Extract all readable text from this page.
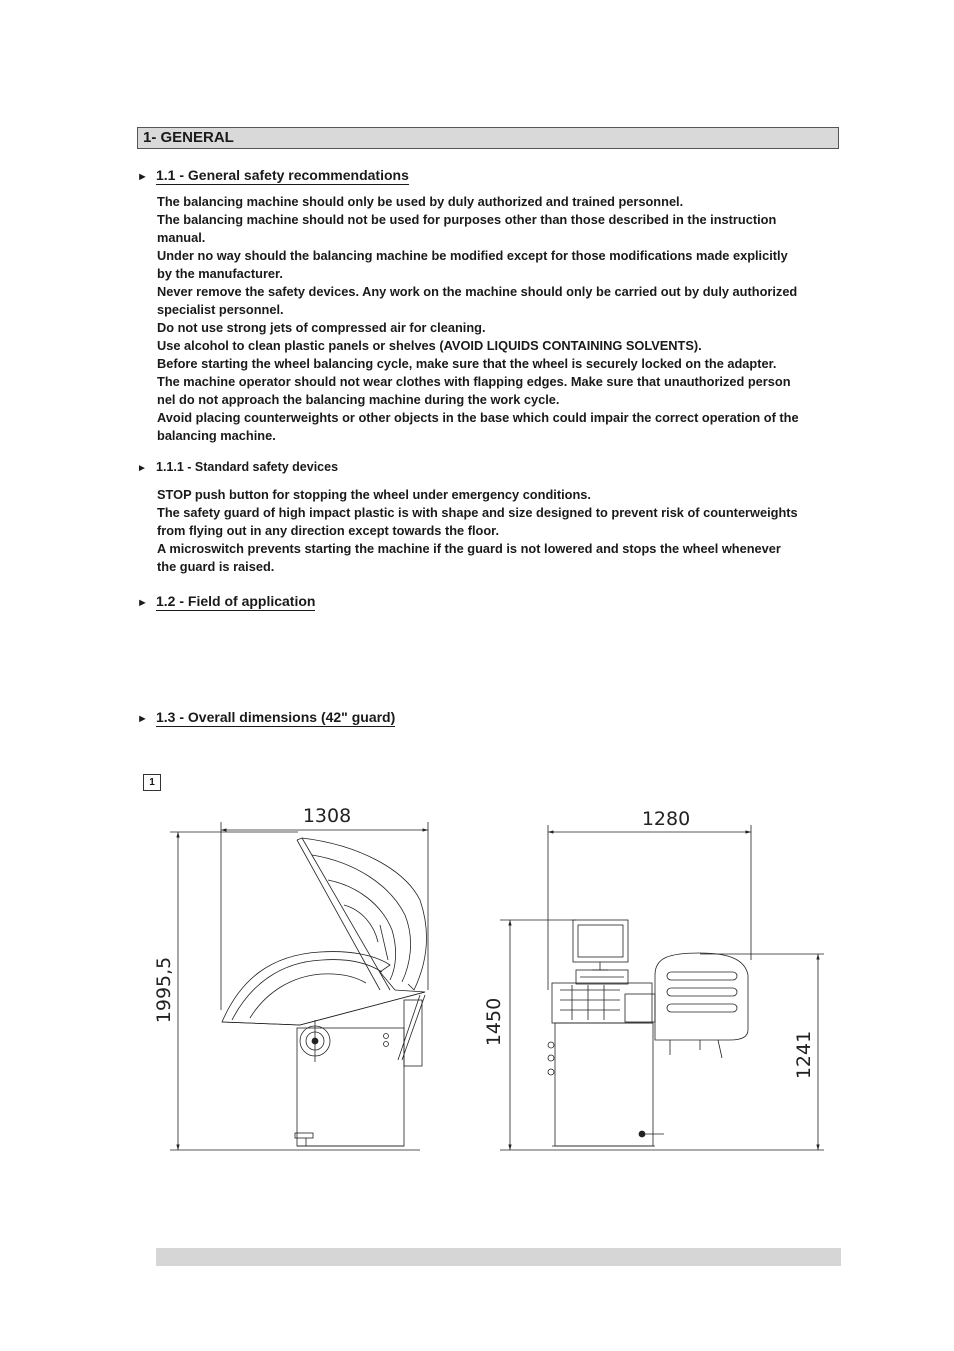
1- GENERAL
► 1.1 - General safety recommendations
The balancing machine should only be used by duly authorized and trained personnel.
The balancing machine should not be used for purposes other than those described in the instruction
manual.
Under no way should the balancing machine be modified except for those modifications made explicitly
by the manufacturer.
Never remove the safety devices. Any work on the machine should only be carried out by duly authorized
specialist personnel.
Do not use strong jets of compressed air for cleaning.
Use alcohol to clean plastic panels or shelves (AVOID LIQUIDS CONTAINING SOLVENTS).
Before starting the wheel balancing cycle, make sure that the wheel is securely locked on the adapter.
The machine operator should not wear clothes with flapping edges. Make sure that unauthorized person
nel do not approach the balancing machine during the work cycle.
Avoid placing counterweights or other objects in the base which could impair the correct operation of the
balancing machine.
► 1.1.1 - Standard safety devices
STOP push button for stopping the wheel under emergency conditions.
The safety guard of high impact plastic is with shape and size designed to prevent risk of counterweights
from flying out in any direction except towards the floor.
A microswitch prevents starting the machine if the guard is not lowered and stops the wheel whenever
the guard is raised.
► 1.2 - Field of application
► 1.3 - Overall dimensions (42" guard)
1
1308
1995,5
1280
1450
1241
